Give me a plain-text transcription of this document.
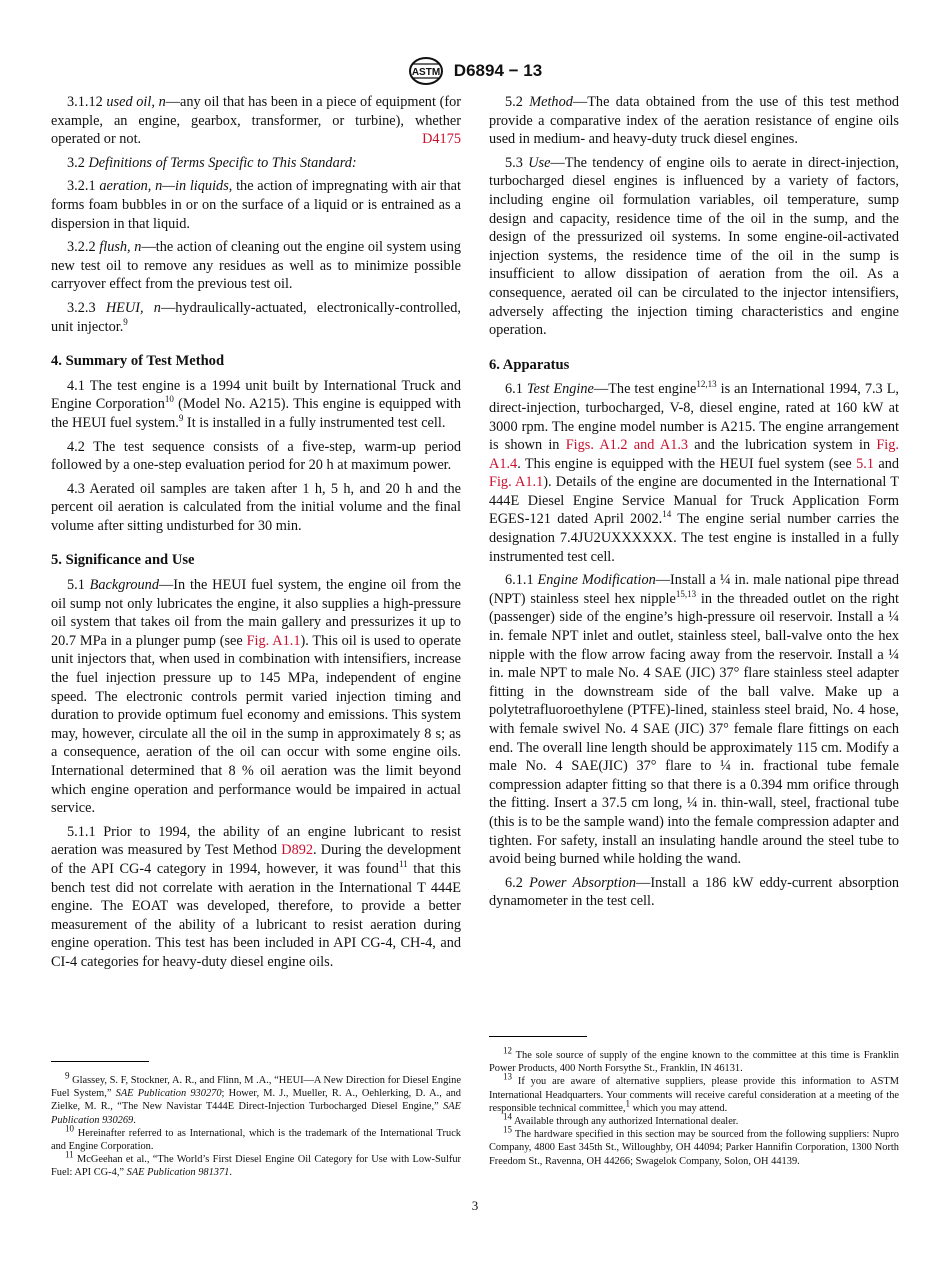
ASTM D6894 − 13

3.1.12 used oil, n—any oil that has been in a piece of equipment (for example, an engine, gearbox, transformer, or turbine), whether operated or not.	D4175

3.2 Definitions of Terms Specific to This Standard:

3.2.1 aeration, n—in liquids, the action of impregnating with air that forms foam bubbles in or on the surface of a liquid or is entrained as a dispersion in that liquid.

3.2.2 flush, n—the action of cleaning out the engine oil system using new test oil to remove any residues as well as to minimize possible carryover effect from the previous test oil.

3.2.3 HEUI, n—hydraulically-actuated, electronically-controlled, unit injector.$^9$

4. Summary of Test Method

4.1 The test engine is a 1994 unit built by International Truck and Engine Corporation$^{10}$ (Model No. A215). This engine is equipped with the HEUI fuel system.$^9$ It is installed in a fully instrumented test cell.

4.2 The test sequence consists of a five-step, warm-up period followed by a one-step evaluation period for 20 h at maximum power.

4.3 Aerated oil samples are taken after 1 h, 5 h, and 20 h and the percent oil aeration is calculated from the initial volume and the final volume after sitting undisturbed for 30 min.

5. Significance and Use

5.1 Background—In the HEUI fuel system, the engine oil from the oil sump not only lubricates the engine, it also supplies a high-pressure oil system that takes oil from the main gallery and pressurizes it up to 20.7 MPa in a plunger pump (see Fig. A1.1). This oil is used to operate unit injectors that, when used in combination with intensifiers, increase the fuel injection pressure up to 145 MPa, independent of engine speed. The electronic controls permit varied injection timing and duration to provide optimum fuel economy and emissions. This system may, however, circulate all the oil in the sump in approximately 8 s; as a consequence, aeration of the oil can occur with some engine oils. International determined that 8 % oil aeration was the limit beyond which engine operation and performance would be impaired in actual service.

5.1.1 Prior to 1994, the ability of an engine lubricant to resist aeration was measured by Test Method D892. During the development of the API CG-4 category in 1994, however, it was found$^{11}$ that this bench test did not correlate with aeration in the International T 444E engine. The EOAT was developed, therefore, to provide a better measurement of the ability of a lubricant to resist aeration during engine operation. This test has been included in API CG-4, CH-4, and CI-4 categories for heavy-duty diesel engine oils.

5.2 Method—The data obtained from the use of this test method provide a comparative index of the aeration resistance of engine oils used in medium- and heavy-duty truck diesel engines.

5.3 Use—The tendency of engine oils to aerate in direct-injection, turbocharged diesel engines is influenced by a variety of factors, including engine oil formulation variables, oil temperature, sump design and capacity, residence time of the oil in the sump, and the design of the pressurized oil systems. In some engine-oil-activated injection systems, the residence time of the oil in the sump is insufficient to allow dissipation of aeration from the oil. As a consequence, aerated oil can be circulated to the injector intensifiers, adversely affecting the injection timing characteristics and engine operation.

6. Apparatus

6.1 Test Engine—The test engine$^{12,13}$ is an International 1994, 7.3 L, direct-injection, turbocharged, V-8, diesel engine, rated at 160 kW at 3000 rpm. The engine model number is A215. The engine arrangement is shown in Figs. A1.2 and A1.3 and the lubrication system in Fig. A1.4. This engine is equipped with the HEUI fuel system (see 5.1 and Fig. A1.1). Details of the engine are documented in the International T 444E Diesel Engine Service Manual for Truck Application Form EGES-121 dated April 2002.14 The engine serial number carries the designation 7.4JU2UXXXXXX. The test engine is installed in a fully instrumented test cell.

6.1.1 Engine Modification—Install a ¼ in. male national pipe thread (NPT) stainless steel hex nipple$^{15,13}$ in the threaded outlet on the right (passenger) side of the engine’s high-pressure oil reservoir. Install a ¼ in. female NPT inlet and outlet, stainless steel, ball-valve onto the hex nipple with the flow arrow facing away from the reservoir. Install a ¼ in. male NPT to male No. 4 SAE (JIC) 37° flare stainless steel adapter fitting in the downstream side of the ball valve. Make up a polytetrafluoroethylene (PTFE)-lined, stainless steel braid, No. 4 hose, with female swivel No. 4 SAE (JIC) 37° female flare fittings on each end. The overall line length should be approximately 115 cm. Modify a male No. 4 SAE(JIC) 37° flare to ¼ in. fractional tube female compression adapter fitting so that there is a 0.394 mm orifice through the fitting. Insert a 37.5 cm long, ¼ in. thin-wall, steel, fractional tube (this is to be the sample wand) into the female compression adapter and tighten. For safety, install an insulating handle around the steel tube to avoid being burned while holding the wand.

6.2 Power Absorption—Install a 186 kW eddy-current absorption dynamometer in the test cell.

$^9$ Glassey, S. F, Stockner, A. R., and Flinn, M .A., “HEUI—A New Direction for Diesel Engine Fuel System,” SAE Publication 930270; Hower, M. J., Mueller, R. A., Oehlerking, D. A., and Zielke, M. R., “The New Navistar T444E Direct-Injection Turbocharged Diesel Engine,” SAE Publication 930269.

$^{10}$ Hereinafter referred to as International, which is the trademark of the International Truck and Engine Corporation.

$^{11}$ McGeehan et al., “The World’s First Diesel Engine Oil Category for Use with Low-Sulfur Fuel: API CG-4,” SAE Publication 981371.

$^{12}$ The sole source of supply of the engine known to the committee at this time is Franklin Power Products, 400 North Forsythe St., Franklin, IN 46131.

$^{13}$ If you are aware of alternative suppliers, please provide this information to ASTM International Headquarters. Your comments will receive careful consideration at a meeting of the responsible technical committee,$^1$ which you may attend.

$^{14}$ Available through any authorized International dealer.

$^{15}$ The hardware specified in this section may be sourced from the following suppliers: Nupro Company, 4800 East 345th St., Willoughby, OH 44094; Parker Hannifin Corporation, 1300 North Freedom St., Ravenna, OH 44266; Swagelok Company, Solon, OH 44139.

3
